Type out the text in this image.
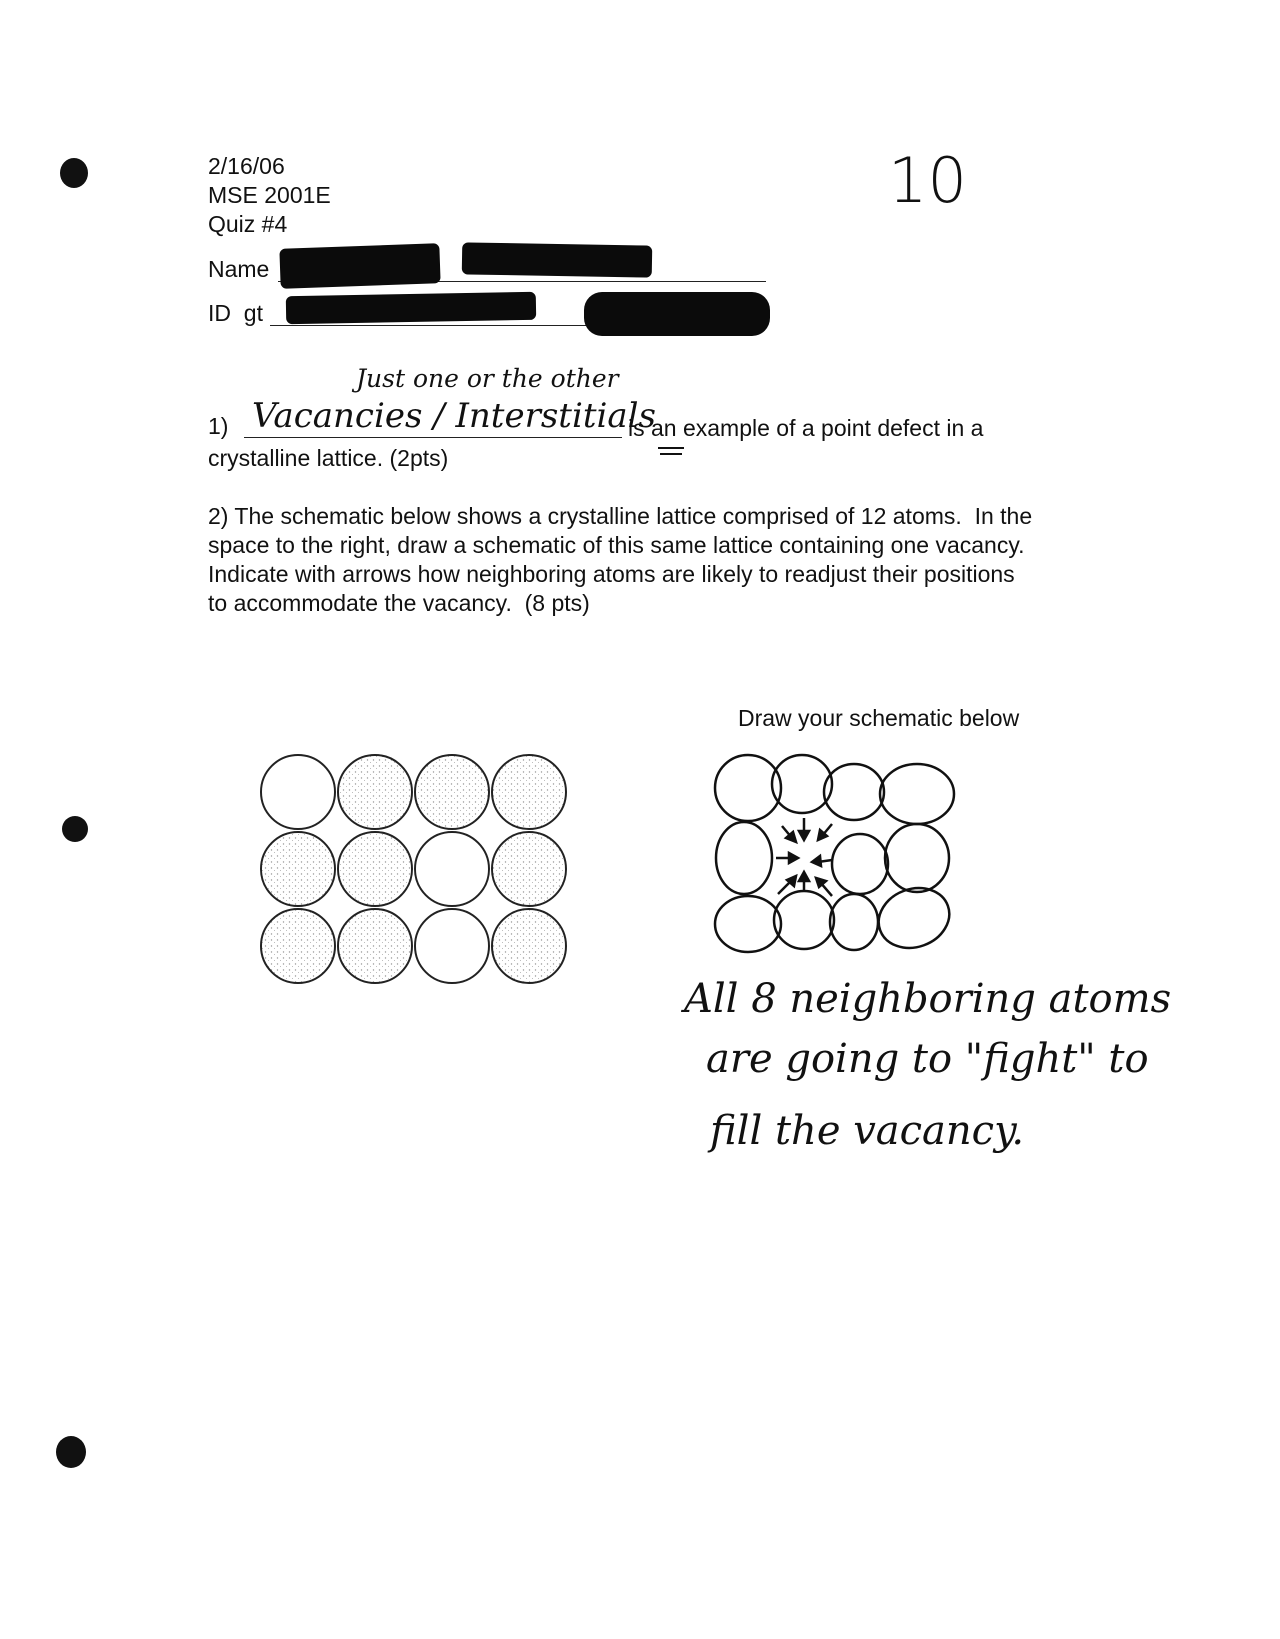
2/16/06
MSE 2001E
Quiz #4
10
Name
ID  gt
Just one or the other
1) Vacancies / Interstitials
is an example of a point defect in a
crystalline lattice. (2pts)
2) The schematic below shows a crystalline lattice comprised of 12 atoms.  In the
space to the right, draw a schematic of this same lattice containing one vacancy.
Indicate with arrows how neighboring atoms are likely to readjust their positions
to accommodate the vacancy.  (8 pts)
Draw your schematic below
All 8 neighboring atoms
are going to "fight" to
fill the vacancy.
